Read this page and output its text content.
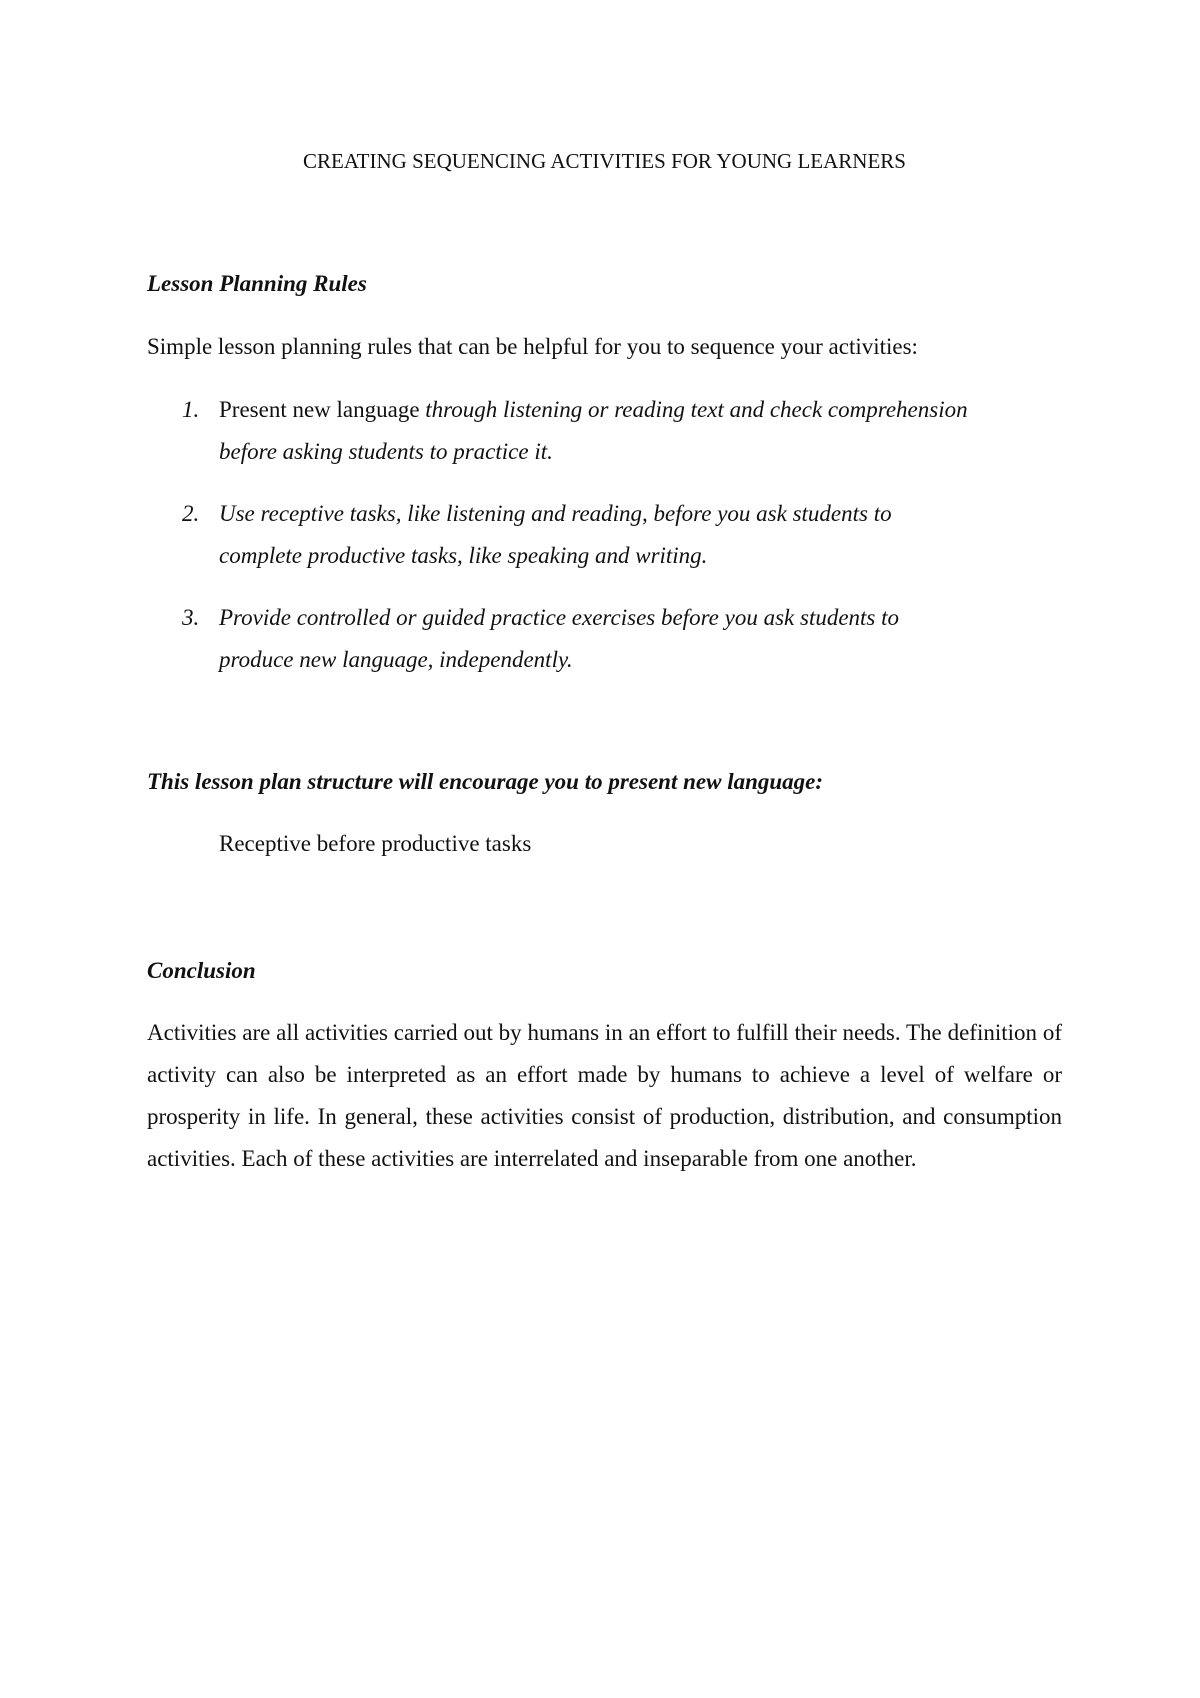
CREATING SEQUENCING ACTIVITIES FOR YOUNG LEARNERS
Lesson Planning Rules

Simple lesson planning rules that can be helpful for you to sequence your activities:

1. Present new language through listening or reading text and check comprehension before asking students to practice it.
2. Use receptive tasks, like listening and reading, before you ask students to complete productive tasks, like speaking and writing.
3. Provide controlled or guided practice exercises before you ask students to produce new language, independently.
This lesson plan structure will encourage you to present new language:

Receptive before productive tasks

Conclusion

Activities are all activities carried out by humans in an effort to fulfill their needs. The definition of activity can also be interpreted as an effort made by humans to achieve a level of welfare or prosperity in life. In general, these activities consist of production, distribution, and consumption activities. Each of these activities are interrelated and inseparable from one another.
